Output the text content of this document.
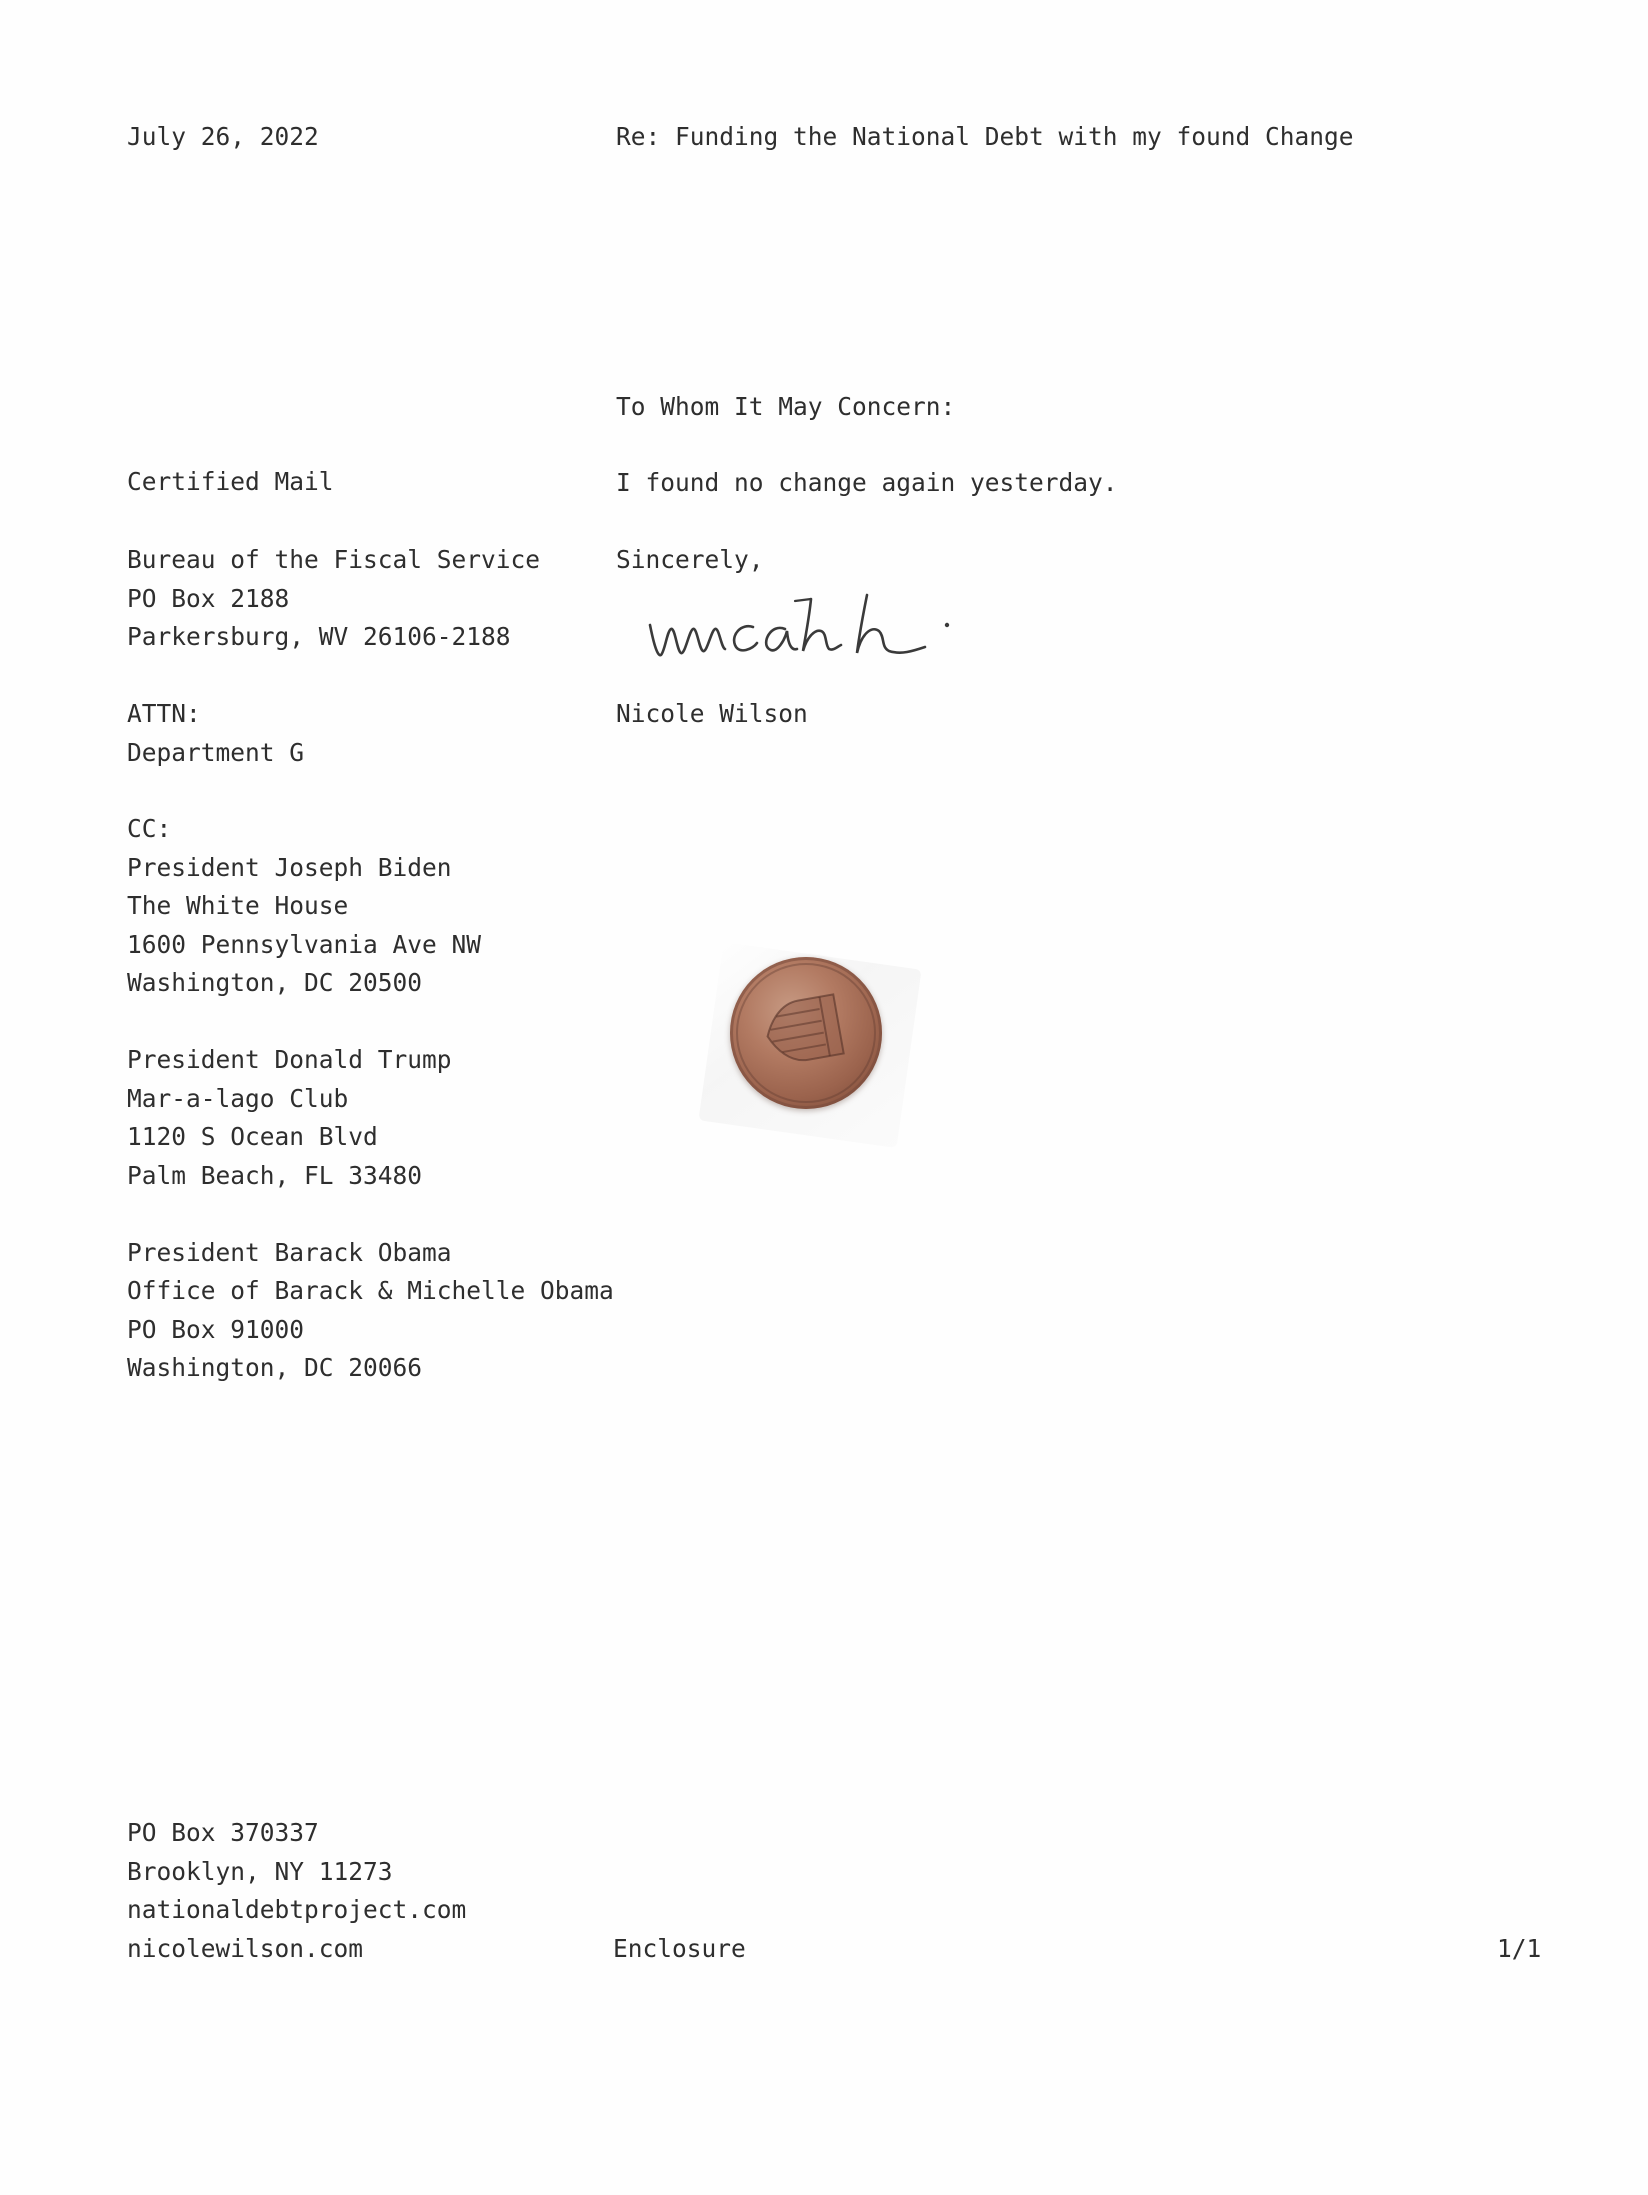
July 26, 2022	Re: Funding the National Debt with my found Change
To Whom It May Concern:
I found no change again yesterday.
Sincerely,
Nicole Wilson
Certified Mail
Bureau of the Fiscal Service
PO Box 2188
Parkersburg, WV 26106-2188
ATTN:
Department G
CC:
President Joseph Biden
The White House
1600 Pennsylvania Ave NW
Washington, DC 20500
President Donald Trump
Mar-a-lago Club
1120 S Ocean Blvd
Palm Beach, FL 33480
President Barack Obama
Office of Barack & Michelle Obama
PO Box 91000
Washington, DC 20066
PO Box 370337
Brooklyn, NY 11273
nationaldebtproject.com
nicolewilson.com	Enclosure	1/1
